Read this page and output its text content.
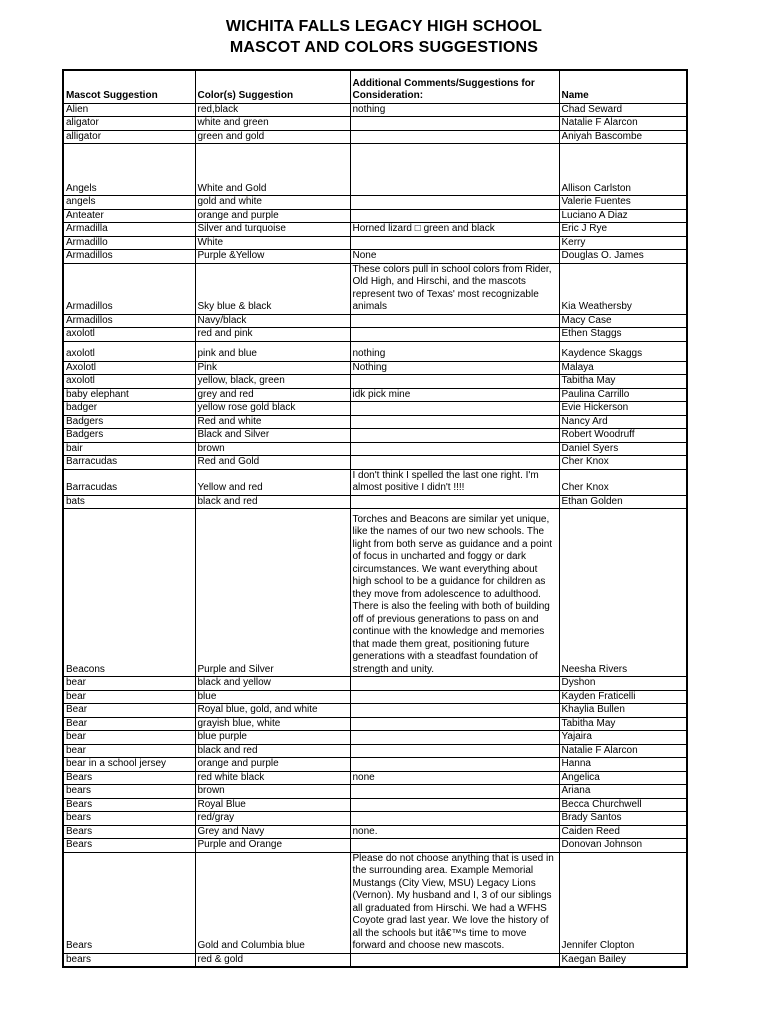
WICHITA FALLS LEGACY HIGH SCHOOL
MASCOT AND COLORS SUGGESTIONS
Mascot Suggestion	Color(s) Suggestion	Additional Comments/Suggestions for Consideration:	Name
Alien	red,black	nothing	Chad Seward
aligator	white and green		Natalie F Alarcon
alligator	green and gold		Aniyah Bascombe
Angels	White and Gold		Allison Carlston
angels	gold and white		Valerie Fuentes
Anteater	orange and purple		Luciano A Diaz
Armadilla	Silver and turquoise	Horned lizard □ green and black	Eric J Rye
Armadillo	White		Kerry
Armadillos	Purple &Yellow	None	Douglas O. James
Armadillos	Sky blue & black	These colors pull in school colors from Rider, Old High, and Hirschi, and the mascots represent two of Texas' most recognizable animals	Kia Weathersby
Armadillos	Navy/black		Macy Case
axolotl	red and pink		Ethen Staggs
axolotl	pink and blue	nothing	Kaydence Skaggs
Axolotl	Pink	Nothing	Malaya
axolotl	yellow, black, green		Tabitha May
baby elephant	grey and red	idk pick mine	Paulina Carrillo
badger	yellow rose gold black		Evie Hickerson
Badgers	Red and white		Nancy Ard
Badgers	Black and Silver		Robert Woodruff
bair	brown		Daniel Syers
Barracudas	Red and Gold		Cher Knox
Barracudas	Yellow and red	I don't think I spelled the last one right. I'm almost positive I didn't !!!!	Cher Knox
bats	black and red		Ethan Golden
Beacons	Purple and Silver	Torches and Beacons are similar yet unique, like the names of our two new schools. The light from both serve as guidance and a point of focus in uncharted and foggy or dark circumstances. We want everything about high school to be a guidance for children as they move from adolescence to adulthood. There is also the feeling with both of building off of previous generations to pass on and continue with the knowledge and memories that made them great, positioning future generations with a steadfast foundation of strength and unity.	Neesha Rivers
bear	black and yellow		Dyshon
bear	blue		Kayden Fraticelli
Bear	Royal blue, gold, and white		Khaylia Bullen
Bear	grayish blue, white		Tabitha May
bear	blue purple		Yajaira
bear	black and red		Natalie F Alarcon
bear in a school jersey	orange and purple		Hanna
Bears	red white black	none	Angelica
bears	brown		Ariana
Bears	Royal Blue		Becca Churchwell
bears	red/gray		Brady Santos
Bears	Grey and Navy	none.	Caiden Reed
Bears	Purple and Orange		Donovan Johnson
Bears	Gold and Columbia blue	Please do not choose anything that is used in the surrounding area. Example Memorial Mustangs (City View, MSU) Legacy Lions (Vernon). My husband and I, 3 of our siblings all graduated from Hirschi. We had a WFHS Coyote grad last year. We love the history of all the schools but itâ€™s time to move forward and choose new mascots.	Jennifer Clopton
bears	red & gold		Kaegan Bailey
